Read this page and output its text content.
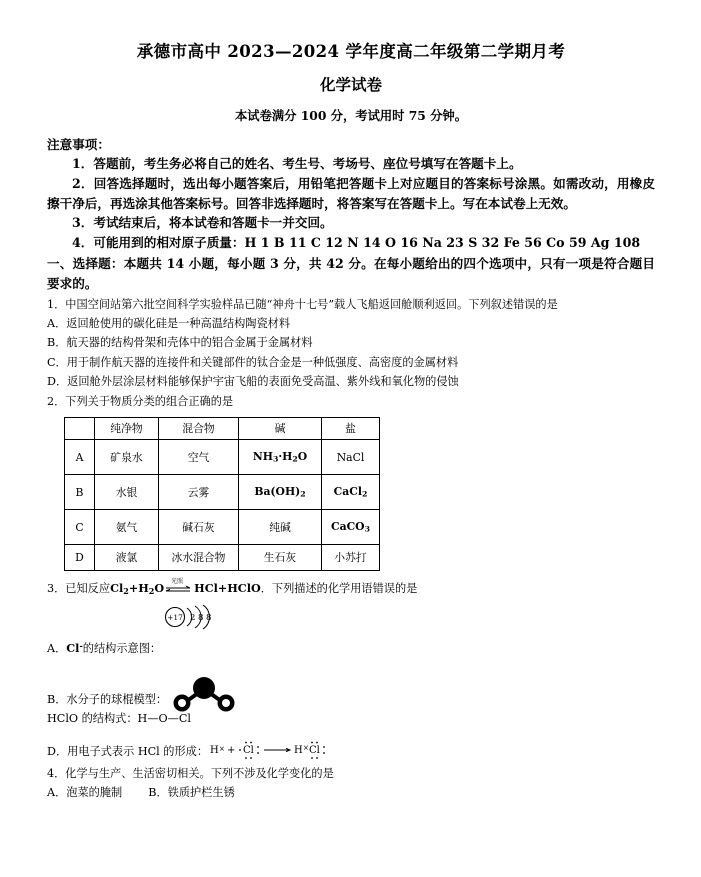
承德市高中 2023—2024 学年度高二年级第二学期月考
化学试卷
本试卷满分 100 分，考试用时 75 分钟。
注意事项：

1．答题前，考生务必将自己的姓名、考生号、考场号、座位号填写在答题卡上。

2．回答选择题时，选出每小题答案后，用铅笔把答题卡上对应题目的答案标号涂黑。如需改动，用橡皮擦干净后，再选涂其他答案标号。回答非选择题时，将答案写在答题卡上。写在本试卷上无效。

3．考试结束后，将本试卷和答题卡一并交回。

4．可能用到的相对原子质量：H 1 B 11 C 12 N 14 O 16 Na 23 S 32 Fe 56 Co 59 Ag 108

一、选择题：本题共 14 小题，每小题 3 分，共 42 分。在每小题给出的四个选项中，只有一项是符合题目要求的。

1．中国空间站第六批空间科学实验样品已随“神舟十七号”载人飞船返回舱顺利返回。下列叙述错误的是

A．返回舱使用的碳化硅是一种高温结构陶瓷材料

B．航天器的结构骨架和壳体中的铝合金属于金属材料

C．用于制作航天器的连接件和关键部件的钛合金是一种低强度、高密度的金属材料

D．返回舱外层涂层材料能够保护宇宙飞船的表面免受高温、紫外线和氧化物的侵蚀

2．下列关于物质分类的组合正确的是

	纯净物	混合物	碱	盐
A	矿泉水	空气	$NH_3\cdot H_2O$	NaCl
B	水银	云雾	$Ba(OH)_2$	CaCl$_2$
C	氨气	碱石灰	纯碱	CaCO$_3$
D	液氯	冰水混合物	生石灰	小苏打

3．已知反应$Cl_2+H_2O$ 光照 HCl+HClO．下列描述的化学用语错误的是

A．Cl-的结构示意图：
+17 2 8 8

B．水分子的球棍模型：

HClO 的结构式：H—O—Cl

D．用电子式表示 HCl 的形成： H × + Cl	H × Cl

4．化学与生产、生活密切相关。下列不涉及化学变化的是

A．泡菜的腌制 B．铁质护栏生锈
